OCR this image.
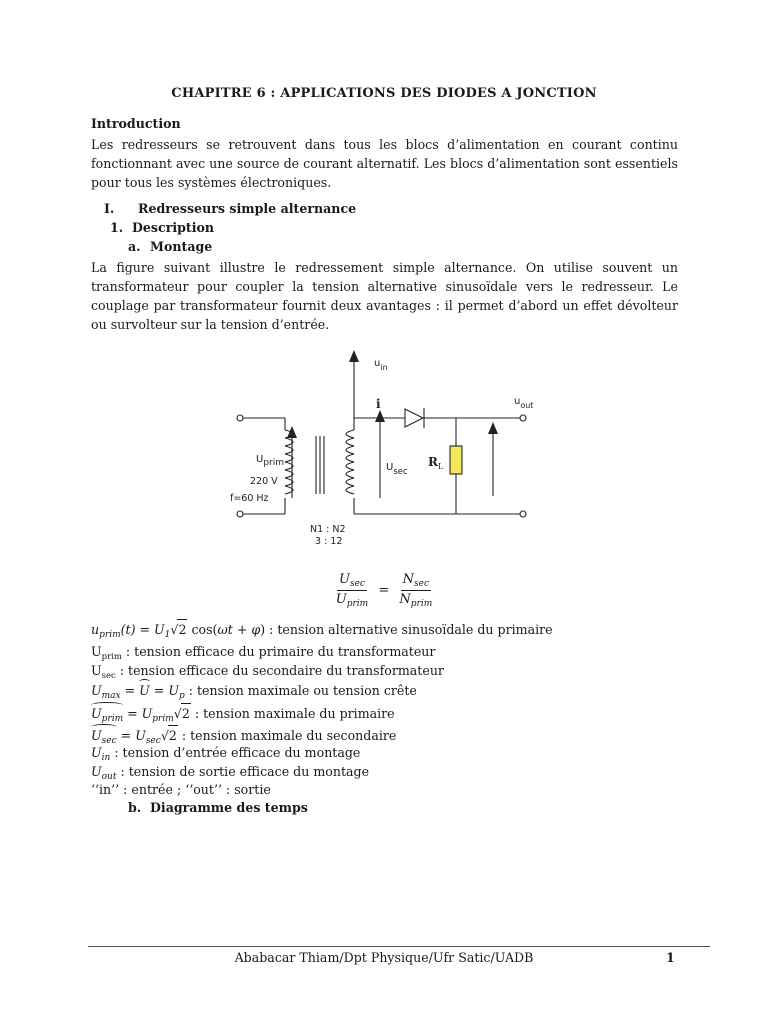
CHAPITRE 6 : APPLICATIONS DES DIODES A JONCTION
Introduction
Les redresseurs se retrouvent dans tous les blocs d’alimentation en courant continu fonctionnant avec une source de courant alternatif. Les blocs d’alimentation sont essentiels pour tous les systèmes électroniques.
I. Redresseurs simple alternance
1. Description
a. Montage
La figure suivant illustre le redressement simple alternance. On utilise souvent un transformateur pour coupler la tension alternative sinusoïdale vers le redresseur. Le couplage par transformateur fournit deux avantages : il permet d’abord un effet dévolteur ou survolteur sur la tension d’entrée.
$u_{in}$
$u_{out}$
Uprim
220 V
f=60 Hz
$U_{sec}$
N1 : N2
3 : 12
i
$R_L$
$\frac{U_{sec}}{U_{prim}} = \frac{N_{sec}}{N_{prim}}$
$u_{prim}(t) = U_1√2$ cos(ωt + φ) : tension alternative sinusoïdale du primaire
$U_{prim}$ : tension efficace du primaire du transformateur
$U_{sec}$ : tension efficace du secondaire du transformateur
$U_{max} = U = U_p$ : tension maximale ou tension crête
$U_{prim} = U_{prim}√2$ : tension maximale du primaire
$U_{sec} = U_{sec}√2$ : tension maximale du secondaire
$U_{in}$ : tension d’entrée efficace du montage
$U_{out}$ : tension de sortie efficace du montage
‘‘in’’ : entrée ; ‘‘out’’ : sortie
b. Diagramme des temps
Ababacar Thiam/Dpt Physique/Ufr Satic/UADB	1
